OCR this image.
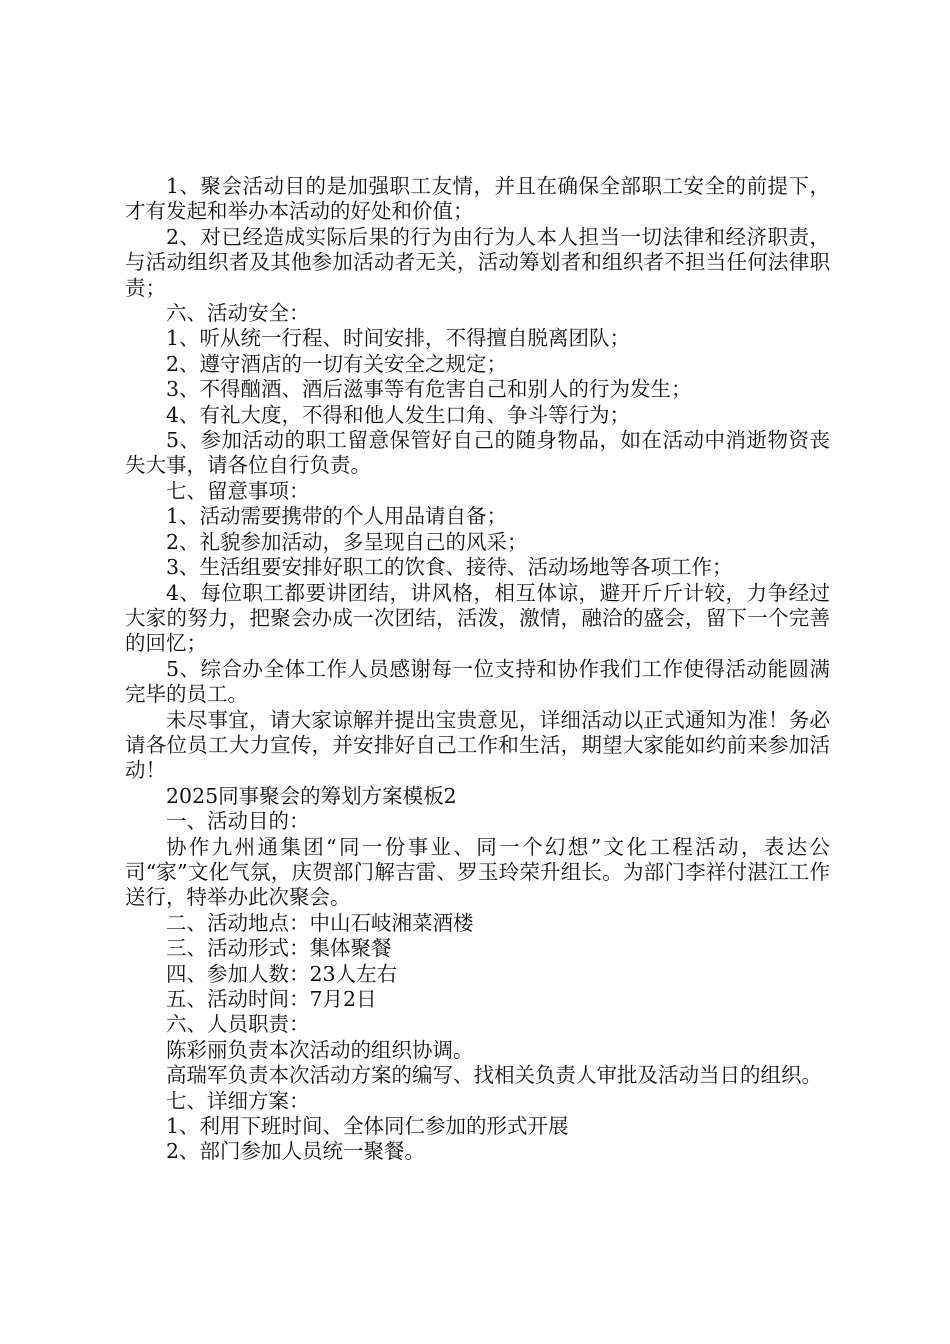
1、聚会活动目的是加强职工友情，并且在确保全部职工安全的前提下，才有发起和举办本活动的好处和价值；

2、对已经造成实际后果的行为由行为人本人担当一切法律和经济职责，与活动组织者及其他参加活动者无关，活动筹划者和组织者不担当任何法律职责；

六、活动安全：

1、听从统一行程、时间安排，不得擅自脱离团队；

2、遵守酒店的一切有关安全之规定；

3、不得酗酒、酒后滋事等有危害自己和别人的行为发生；

4、有礼大度，不得和他人发生口角、争斗等行为；

5、参加活动的职工留意保管好自己的随身物品，如在活动中消逝物资丧失大事，请各位自行负责。

七、留意事项：

1、活动需要携带的个人用品请自备；

2、礼貌参加活动，多呈现自己的风采；

3、生活组要安排好职工的饮食、接待、活动场地等各项工作；

4、每位职工都要讲团结，讲风格，相互体谅，避开斤斤计较，力争经过大家的努力，把聚会办成一次团结，活泼，激情，融洽的盛会，留下一个完善的回忆；

5、综合办全体工作人员感谢每一位支持和协作我们工作使得活动能圆满完毕的员工。

未尽事宜，请大家谅解并提出宝贵意见，详细活动以正式通知为准！务必请各位员工大力宣传，并安排好自己工作和生活，期望大家能如约前来参加活动！

2025同事聚会的筹划方案模板2

一、活动目的：

协作九州通集团“同一份事业、同一个幻想”文化工程活动，表达公司“家”文化气氛，庆贺部门解吉雷、罗玉玲荣升组长。为部门李祥付湛江工作送行，特举办此次聚会。

二、活动地点：中山石岐湘菜酒楼

三、活动形式：集体聚餐

四、参加人数：23人左右

五、活动时间：7月2日

六、人员职责：

陈彩丽负责本次活动的组织协调。

高瑞军负责本次活动方案的编写、找相关负责人审批及活动当日的组织。

七、详细方案：

1、利用下班时间、全体同仁参加的形式开展

2、部门参加人员统一聚餐。
